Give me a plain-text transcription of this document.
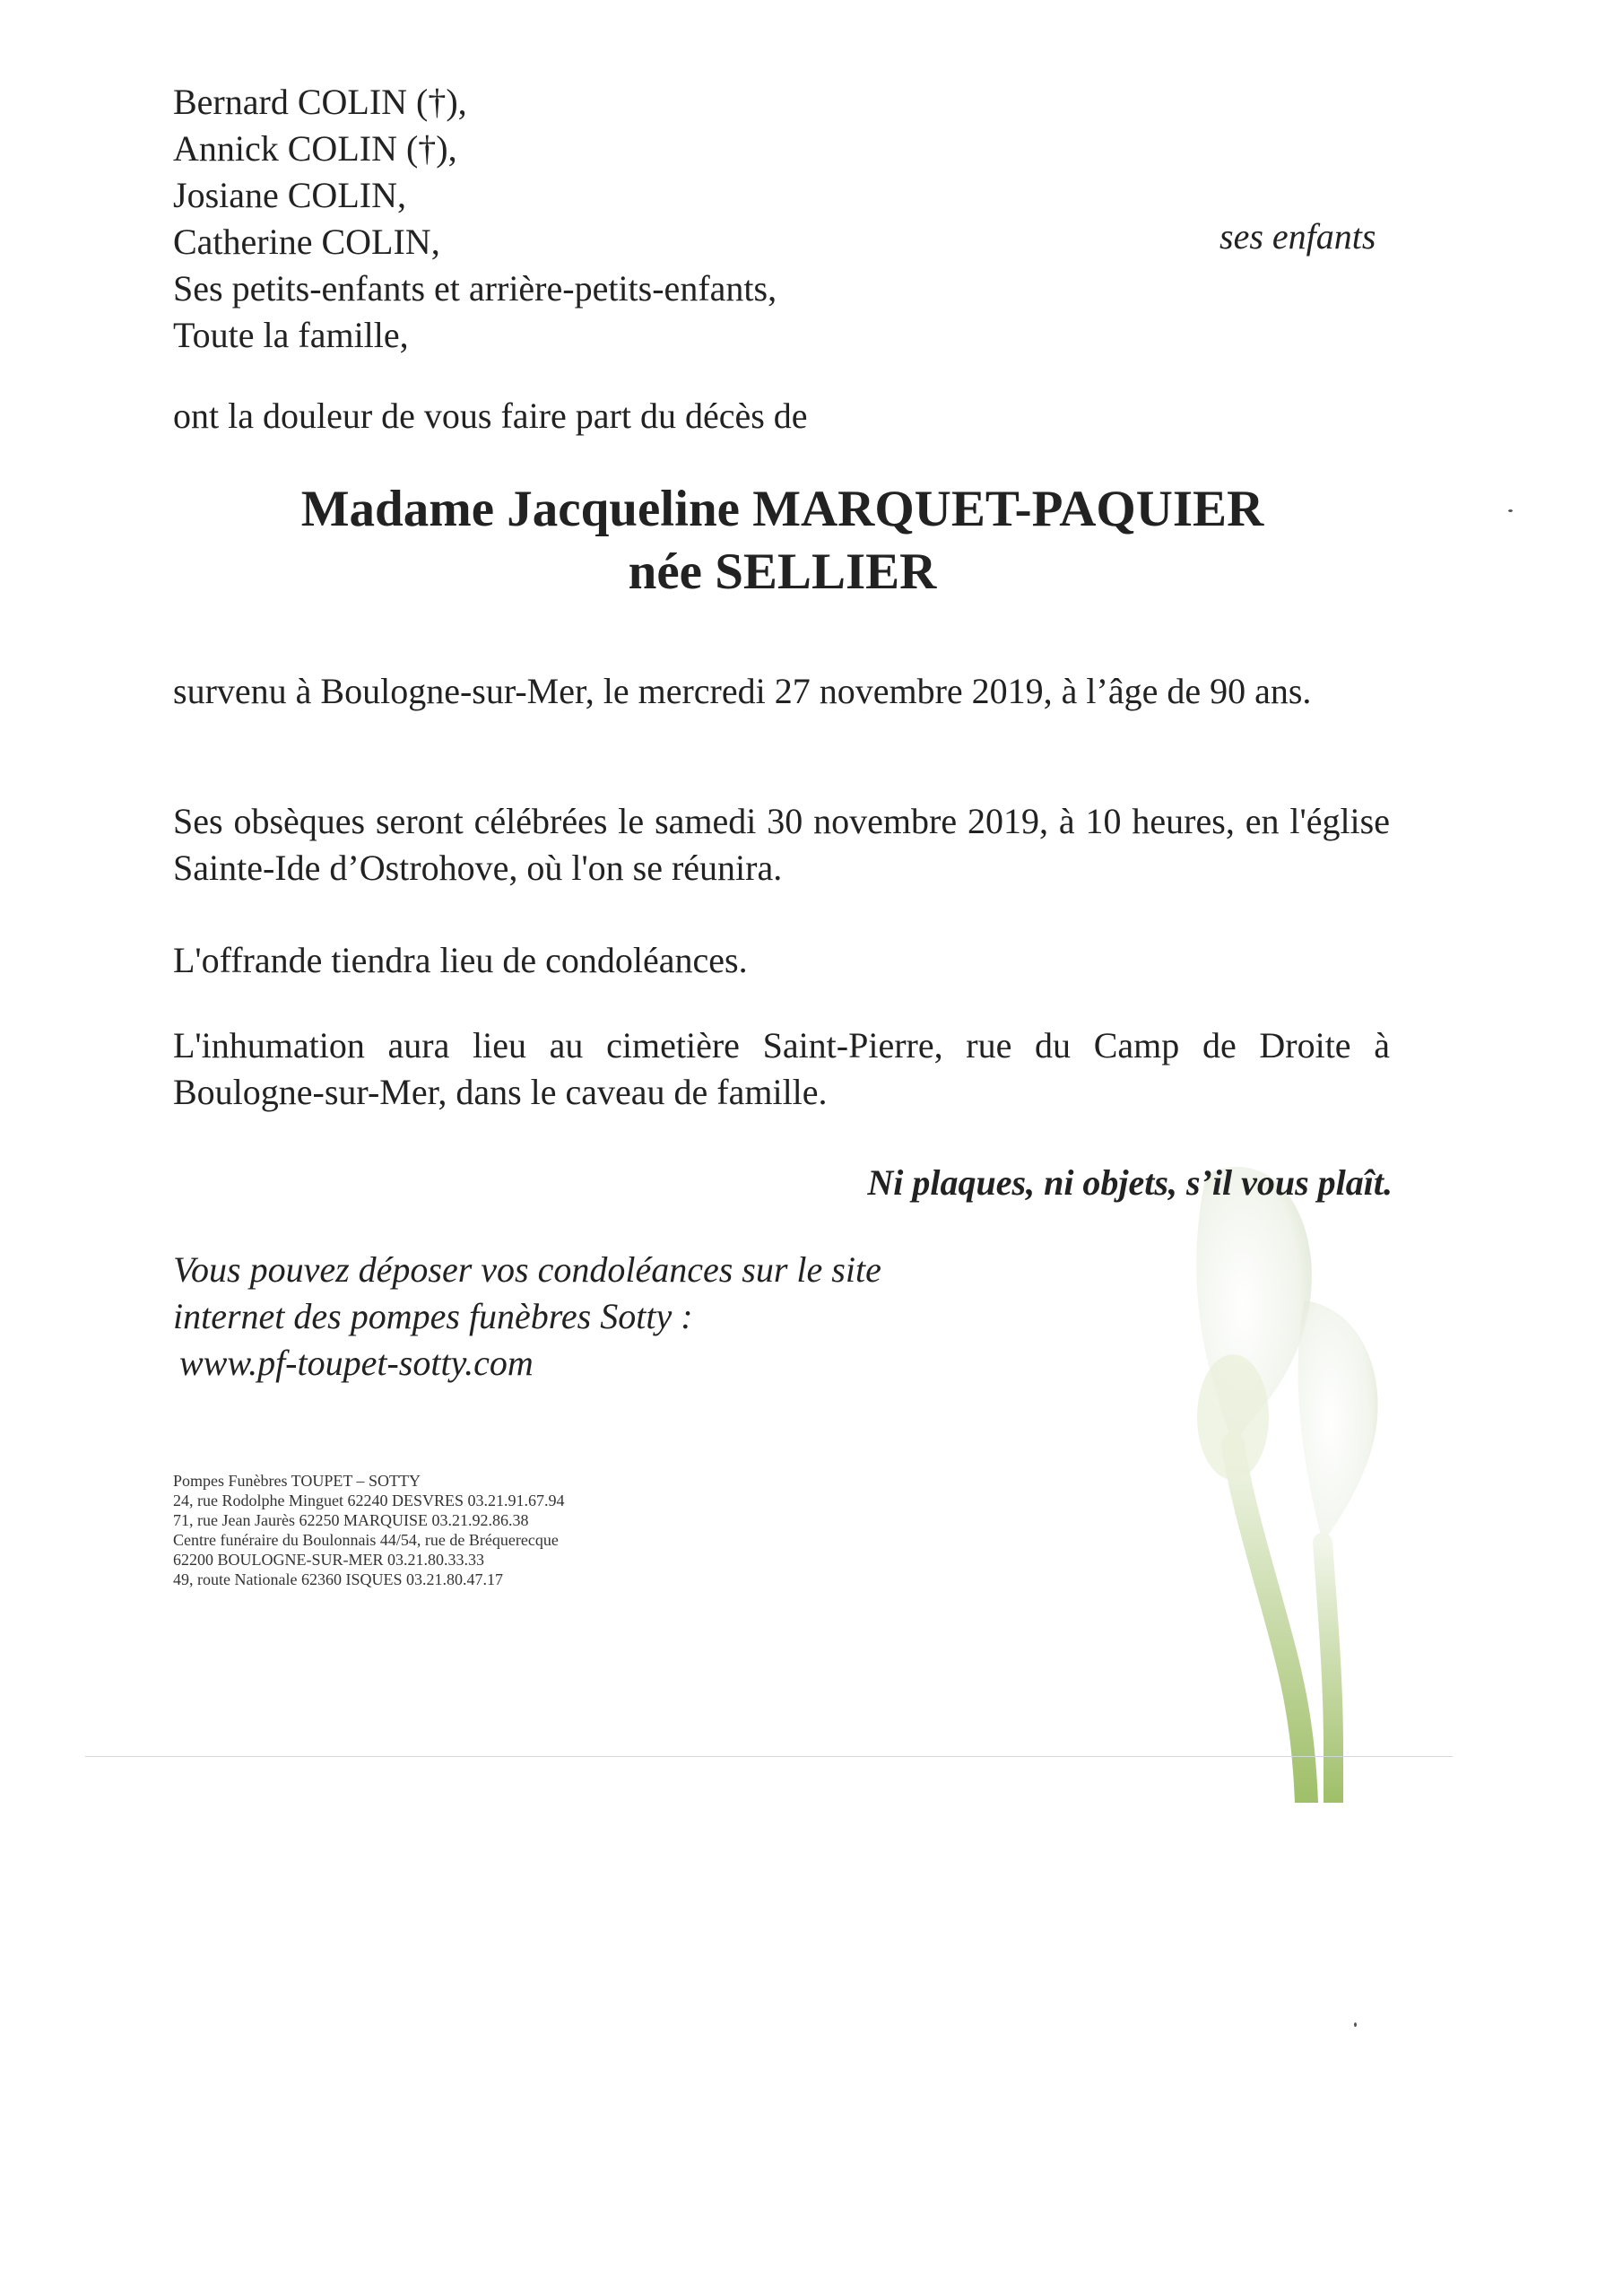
Bernard COLIN (†),
Annick COLIN (†),
Josiane COLIN,
Catherine COLIN,
Ses petits-enfants et arrière-petits-enfants,
Toute la famille,
ses enfants
ont la douleur de vous faire part du décès de
Madame Jacqueline MARQUET-PAQUIER
née SELLIER
survenu à Boulogne-sur-Mer, le mercredi 27 novembre 2019, à l’âge de 90 ans.
Ses obsèques seront célébrées le samedi 30 novembre 2019, à 10 heures, en l'église Sainte-Ide d’Ostrohove, où l'on se réunira.
L'offrande tiendra lieu de condoléances.
L'inhumation aura lieu au cimetière Saint-Pierre, rue du Camp de Droite à Boulogne-sur-Mer, dans le caveau de famille.
Ni plaques, ni objets, s’il vous plaît.
Vous pouvez déposer vos condoléances sur le site
internet des pompes funèbres Sotty :
www.pf-toupet-sotty.com
Pompes Funèbres TOUPET – SOTTY
24, rue Rodolphe Minguet 62240 DESVRES 03.21.91.67.94
71, rue Jean Jaurès 62250 MARQUISE 03.21.92.86.38
Centre funéraire du Boulonnais 44/54, rue de Bréquerecque
62200 BOULOGNE-SUR-MER 03.21.80.33.33
49, route Nationale 62360 ISQUES 03.21.80.47.17
